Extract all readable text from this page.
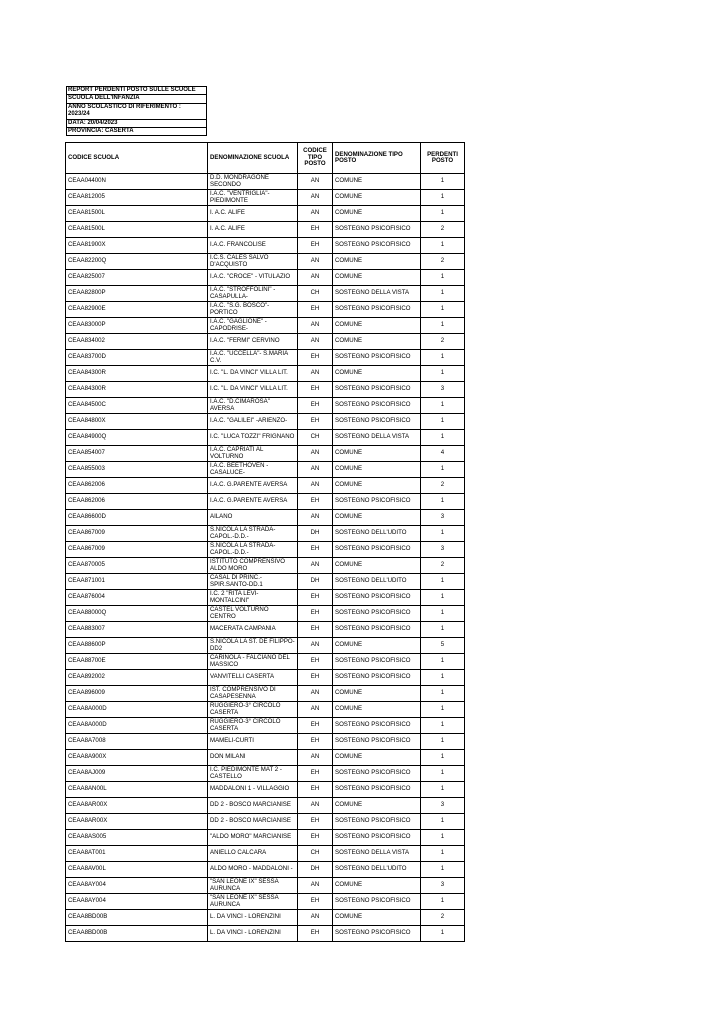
REPORT PERDENTI POSTO SULLE SCUOLE
SCUOLA DELL'INFANZIA
ANNO SCOLASTICO DI RIFERIMENTO :
2023/24
DATA: 20/04/2023
PROVINCIA: CASERTA
CODICE SCUOLA	DENOMINAZIONE SCUOLA	CODICE TIPO POSTO	DENOMINAZIONE TIPO POSTO	PERDENTI POSTO
CEAA04400N	D.D. MONDRAGONE SECONDO	AN	COMUNE	1
CEAA812005	I.A.C. "VENTRIGLIA"-PIEDIMONTE	AN	COMUNE	1
CEAA81500L	I. A.C. ALIFE	AN	COMUNE	1
CEAA81500L	I. A.C. ALIFE	EH	SOSTEGNO PSICOFISICO	2
CEAA81900X	I.A.C. FRANCOLISE	EH	SOSTEGNO PSICOFISICO	1
CEAA82200Q	I.C.S. CALES SALVO D'ACQUISTO	AN	COMUNE	2
CEAA825007	I.A.C. "CROCE" - VITULAZIO	AN	COMUNE	1
CEAA82800P	I.A.C. "STROFFOLINI" - CASAPULLA-	CH	SOSTEGNO DELLA VISTA	1
CEAA82900E	I.A.C. "S.G. BOSCO"- PORTICO	EH	SOSTEGNO PSICOFISICO	1
CEAA83000P	I.A.C. "GAGLIONE" - CAPODRISE-	AN	COMUNE	1
CEAA834002	I.A.C. "FERMI" CERVINO	AN	COMUNE	2
CEAA83700D	I.A.C. "UCCELLA"- S.MARIA C.V.	EH	SOSTEGNO PSICOFISICO	1
CEAA84300R	I.C. "L. DA VINCI" VILLA LIT.	AN	COMUNE	1
CEAA84300R	I.C. "L. DA VINCI" VILLA LIT.	EH	SOSTEGNO PSICOFISICO	3
CEAA84500C	I.A.C. "D.CIMAROSA" AVERSA	EH	SOSTEGNO PSICOFISICO	1
CEAA84800X	I.A.C. "GALILEI" -ARIENZO-	EH	SOSTEGNO PSICOFISICO	1
CEAA84900Q	I.C. "LUCA TOZZI" FRIGNANO	CH	SOSTEGNO DELLA VISTA	1
CEAA854007	I.A.C. CAPRIATI AL VOLTURNO	AN	COMUNE	4
CEAA855003	I.A.C. BEETHOVEN - CASALUCE-	AN	COMUNE	1
CEAA862006	I.A.C. G.PARENTE AVERSA	AN	COMUNE	2
CEAA862006	I.A.C. G.PARENTE AVERSA	EH	SOSTEGNO PSICOFISICO	1
CEAA86600D	AILANO	AN	COMUNE	3
CEAA867009	S.NICOLA LA STRADA-CAPOL.-D.D.-	DH	SOSTEGNO DELL'UDITO	1
CEAA867009	S.NICOLA LA STRADA-CAPOL.-D.D.-	EH	SOSTEGNO PSICOFISICO	3
CEAA870005	ISTITUTO COMPRENSIVO ALDO MORO	AN	COMUNE	2
CEAA871001	CASAL DI PRINC.-SPIR.SANTO-DD.1	DH	SOSTEGNO DELL'UDITO	1
CEAA876004	I.C. 2 "RITA LEVI-MONTALCINI"	EH	SOSTEGNO PSICOFISICO	1
CEAA88000Q	CASTEL VOLTURNO CENTRO	EH	SOSTEGNO PSICOFISICO	1
CEAA883007	MACERATA CAMPANIA	EH	SOSTEGNO PSICOFISICO	1
CEAA88600P	S.NICOLA LA ST. DE FILIPPO-DD2	AN	COMUNE	5
CEAA88700E	CARINOLA - FALCIANO DEL MASSICO	EH	SOSTEGNO PSICOFISICO	1
CEAA892002	VANVITELLI CASERTA	EH	SOSTEGNO PSICOFISICO	1
CEAA896009	IST. COMPRENSIVO DI CASAPESENNA	AN	COMUNE	1
CEAA8A000D	RUGGIERO-3° CIRCOLO CASERTA	AN	COMUNE	1
CEAA8A000D	RUGGIERO-3° CIRCOLO CASERTA	EH	SOSTEGNO PSICOFISICO	1
CEAA8A7008	MAMELI-CURTI	EH	SOSTEGNO PSICOFISICO	1
CEAA8A900X	DON MILANI	AN	COMUNE	1
CEAA8AJ009	I.C. PIEDIMONTE MAT 2 - CASTELLO	EH	SOSTEGNO PSICOFISICO	1
CEAA8AN00L	MADDALONI 1 - VILLAGGIO	EH	SOSTEGNO PSICOFISICO	1
CEAA8AR00X	DD 2 - BOSCO MARCIANISE	AN	COMUNE	3
CEAA8AR00X	DD 2 - BOSCO MARCIANISE	EH	SOSTEGNO PSICOFISICO	1
CEAA8AS005	"ALDO MORO" MARCIANISE	EH	SOSTEGNO PSICOFISICO	1
CEAA8AT001	ANIELLO CALCARA	CH	SOSTEGNO DELLA VISTA	1
CEAA8AV00L	ALDO MORO - MADDALONI -	DH	SOSTEGNO DELL'UDITO	1
CEAA8AY004	"SAN LEONE IX" SESSA AURUNCA	AN	COMUNE	3
CEAA8AY004	"SAN LEONE IX" SESSA AURUNCA	EH	SOSTEGNO PSICOFISICO	1
CEAA8BD00B	L. DA VINCI - LORENZINI	AN	COMUNE	2
CEAA8BD00B	L. DA VINCI - LORENZINI	EH	SOSTEGNO PSICOFISICO	1
